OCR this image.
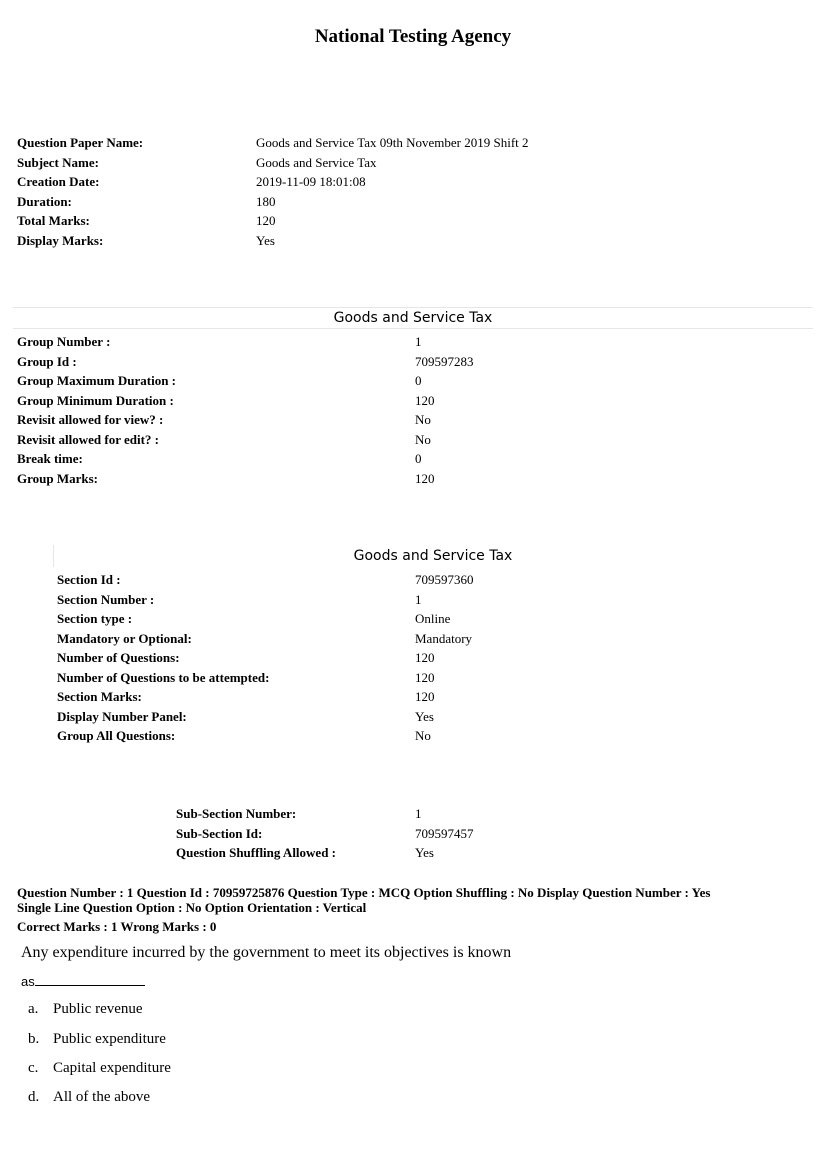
National Testing Agency
Question Paper Name:	Goods and Service Tax 09th November 2019 Shift 2
Subject Name:	Goods and Service Tax
Creation Date:	2019-11-09 18:01:08
Duration:	180
Total Marks:	120
Display Marks:	Yes
Goods and Service Tax
Group Number :	1
Group Id :	709597283
Group Maximum Duration :	0
Group Minimum Duration :	120
Revisit allowed for view? :	No
Revisit allowed for edit? :	No
Break time:	0
Group Marks:	120
Goods and Service Tax
Section Id :	709597360
Section Number :	1
Section type :	Online
Mandatory or Optional:	Mandatory
Number of Questions:	120
Number of Questions to be attempted:	120
Section Marks:	120
Display Number Panel:	Yes
Group All Questions:	No
Sub-Section Number:	1
Sub-Section Id:	709597457
Question Shuffling Allowed :	Yes
Question Number : 1 Question Id : 70959725876 Question Type : MCQ Option Shuffling : No Display Question Number : Yes
Single Line Question Option : No Option Orientation : Vertical
Correct Marks : 1 Wrong Marks : 0
Any expenditure incurred by the government to meet its objectives is known
as
a. Public revenue
b. Public expenditure
c. Capital expenditure
d. All of the above
